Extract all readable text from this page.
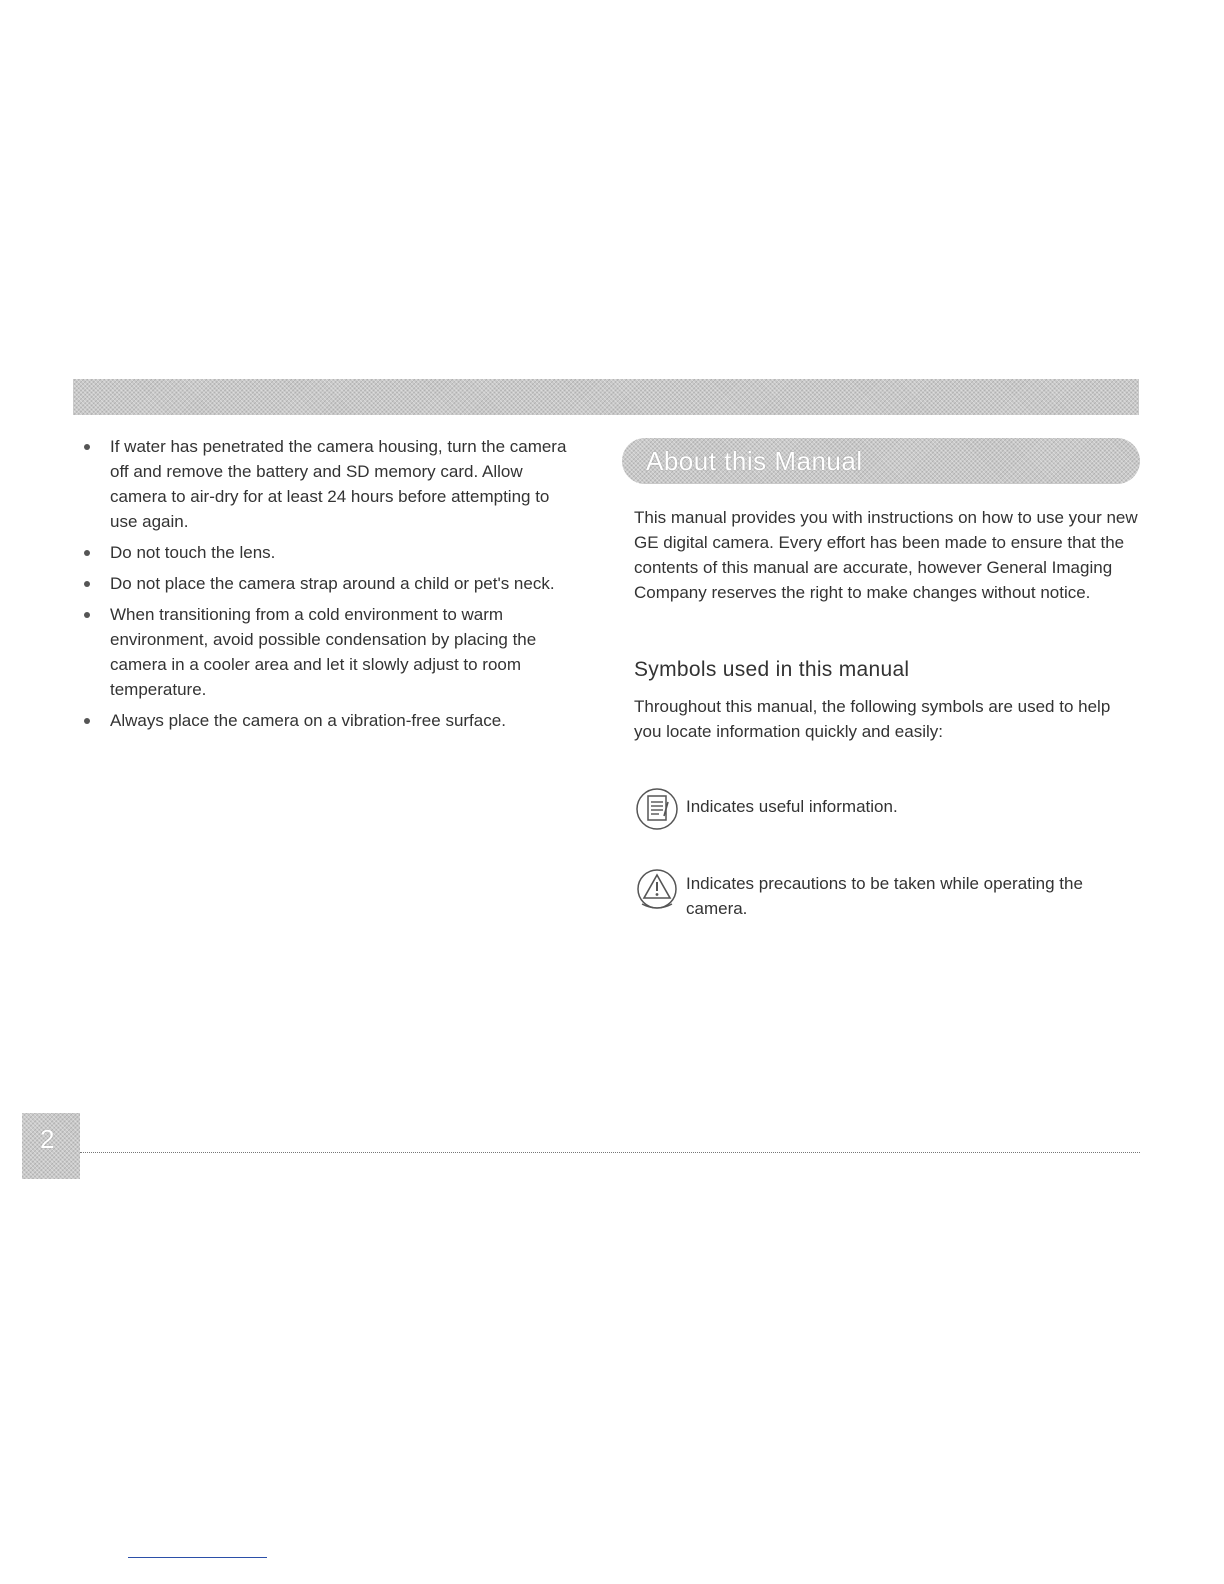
If water has penetrated the camera housing, turn the camera off and remove the battery and SD memory card. Allow camera to air-dry for at least 24 hours before attempting to use again.
Do not touch the lens.
Do not place the camera strap around a child or pet's neck.
When transitioning from a cold environment to warm environment, avoid possible condensation by placing the camera in a cooler area and let it slowly adjust to room temperature.
Always place the camera on a vibration-free surface.
About this Manual

This manual provides you with instructions on how to use your new GE digital camera. Every effort has been made to ensure that the contents of this manual are accurate, however General Imaging Company reserves the right to make changes without notice.

Symbols used in this manual

Throughout this manual, the following symbols are used to help you locate information quickly and easily:

Indicates useful information.
Indicates precautions to be taken while operating the camera.
2
